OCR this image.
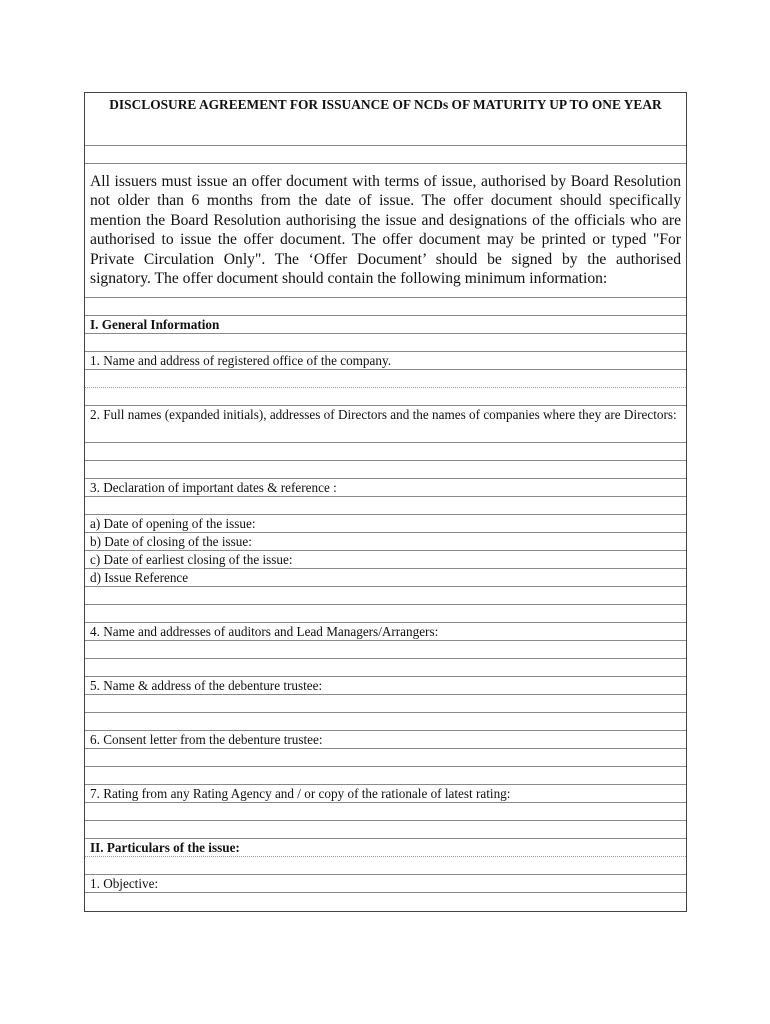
DISCLOSURE AGREEMENT FOR ISSUANCE OF NCDs OF MATURITY UP TO ONE YEAR
All issuers must issue an offer document with terms of issue, authorised by Board Resolution not older than 6 months from the date of issue. The offer document should specifically mention the Board Resolution authorising the issue and designations of the officials who are authorised to issue the offer document. The offer document may be printed or typed "For Private Circulation Only". The ‘Offer Document’ should be signed by the authorised signatory. The offer document should contain the following minimum information:
I. General Information
1. Name and address of registered office of the company.
2. Full names (expanded initials), addresses of Directors and the names of companies where they are Directors:
3. Declaration of important dates & reference :
a) Date of opening of the issue:
b) Date of closing of the issue:
c) Date of earliest closing of the issue:
d) Issue Reference
4. Name and addresses of auditors and Lead Managers/Arrangers:
5. Name & address of the debenture trustee:
6. Consent letter from the debenture trustee:
7. Rating from any Rating Agency and / or copy of the rationale of latest rating:
II. Particulars of the issue:
1. Objective:
